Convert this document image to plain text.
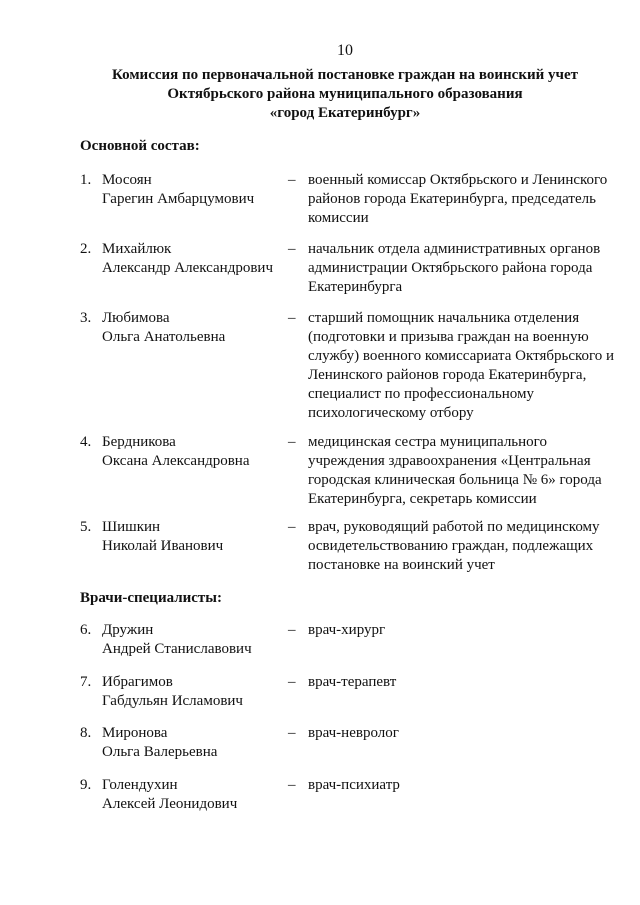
10
Комиссия по первоначальной постановке граждан на воинский учет
Октябрьского района муниципального образования
«город Екатеринбург»
Основной состав:
1. Мосоян
Гарегин Амбарцумович
– военный комиссар Октябрьского и Ленинского районов города Екатеринбурга, председатель комиссии
2. Михайлюк
Александр Александрович
– начальник отдела административных органов администрации Октябрьского района города Екатеринбурга
3. Любимова
Ольга Анатольевна
– старший помощник начальника отделения (подготовки и призыва граждан на военную службу) военного комиссариата Октябрьского и Ленинского районов города Екатеринбурга, специалист по профессиональному психологическому отбору
4. Бердникова
Оксана Александровна
– медицинская сестра муниципального учреждения здравоохранения «Центральная городская клиническая больница № 6» города Екатеринбурга, секретарь комиссии
5. Шишкин
Николай Иванович
– врач, руководящий работой по медицинскому освидетельствованию граждан, подлежащих постановке на воинский учет
Врачи-специалисты:
6. Дружин
Андрей Станиславович
– врач-хирург
7. Ибрагимов
Габдульян Исламович
– врач-терапевт
8. Миронова
Ольга Валерьевна
– врач-невролог
9. Голендухин
Алексей Леонидович
– врач-психиатр
